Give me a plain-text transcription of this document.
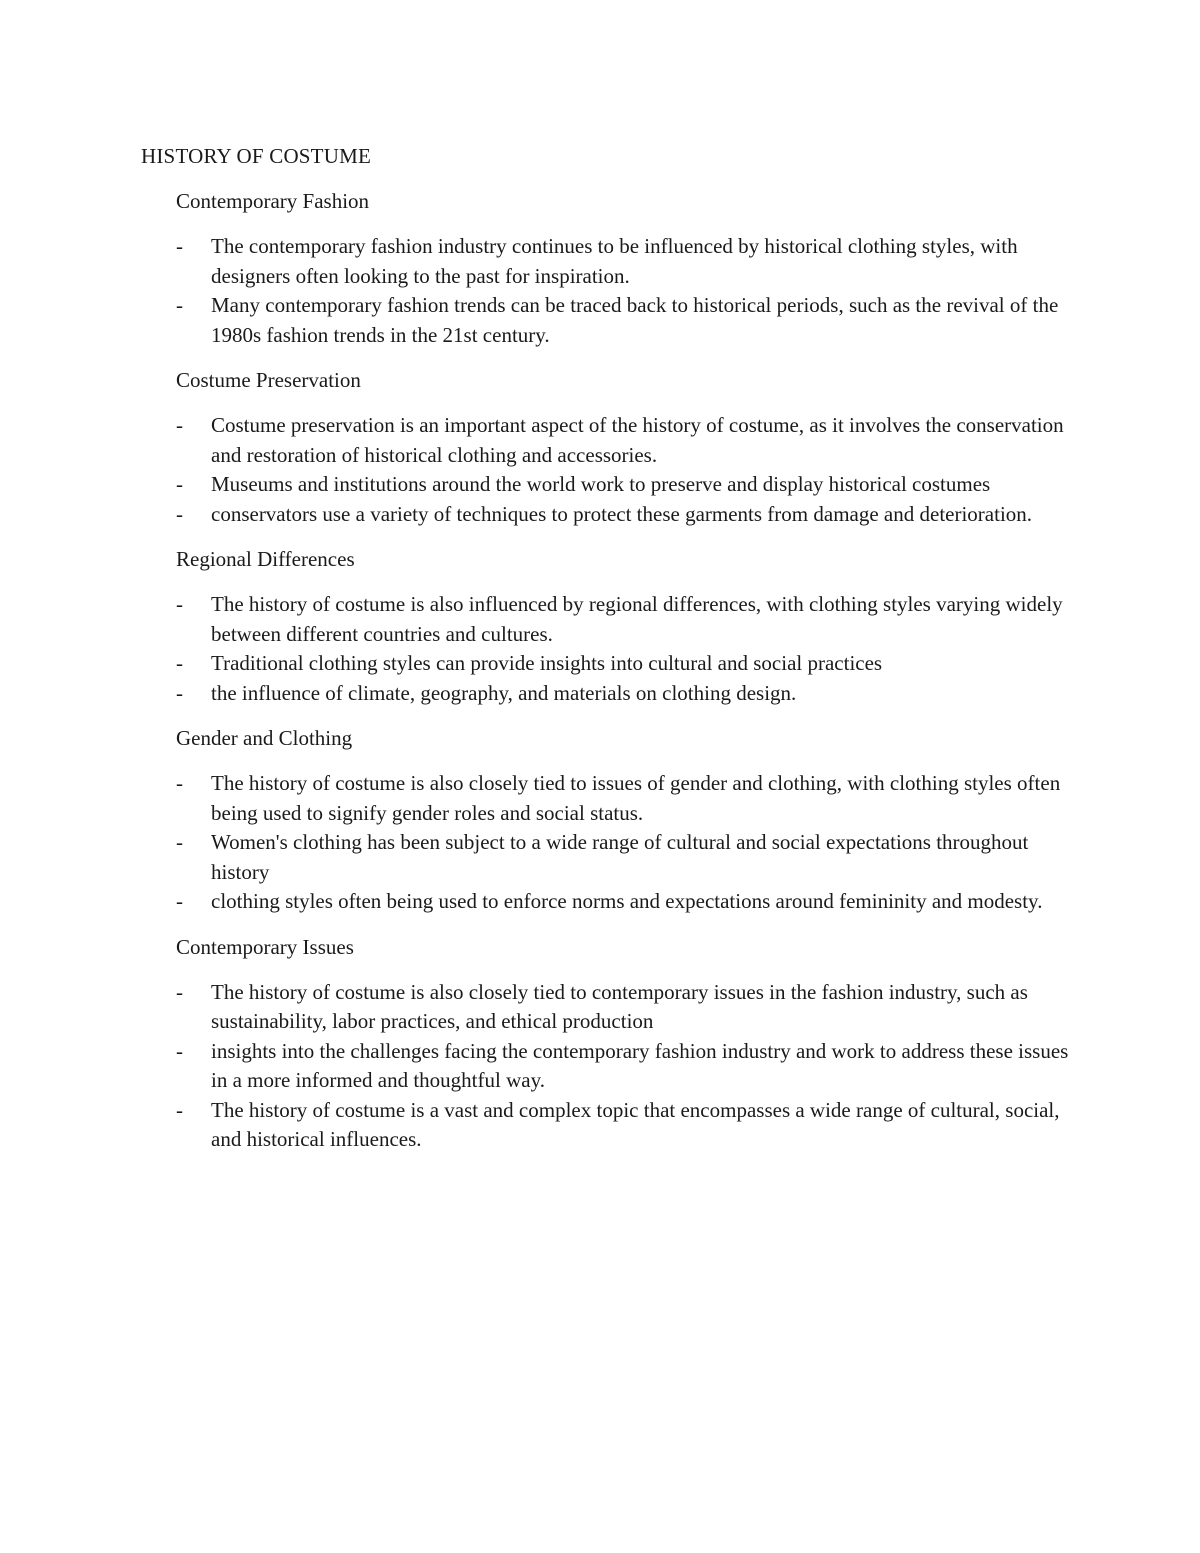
HISTORY OF COSTUME

Contemporary Fashion

-	The contemporary fashion industry continues to be influenced by historical clothing styles, with designers often looking to the past for inspiration.
-	Many contemporary fashion trends can be traced back to historical periods, such as the revival of the 1980s fashion trends in the 21st century.

Costume Preservation

-	Costume preservation is an important aspect of the history of costume, as it involves the conservation and restoration of historical clothing and accessories.
-	Museums and institutions around the world work to preserve and display historical costumes
-	conservators use a variety of techniques to protect these garments from damage and deterioration.

Regional Differences

-	The history of costume is also influenced by regional differences, with clothing styles varying widely between different countries and cultures.
-	Traditional clothing styles can provide insights into cultural and social practices
-	the influence of climate, geography, and materials on clothing design.

Gender and Clothing

-	The history of costume is also closely tied to issues of gender and clothing, with clothing styles often being used to signify gender roles and social status.
-	Women's clothing has been subject to a wide range of cultural and social expectations throughout history
-	clothing styles often being used to enforce norms and expectations around femininity and modesty.

Contemporary Issues

-	The history of costume is also closely tied to contemporary issues in the fashion industry, such as sustainability, labor practices, and ethical production
-	insights into the challenges facing the contemporary fashion industry and work to address these issues in a more informed and thoughtful way.
-	The history of costume is a vast and complex topic that encompasses a wide range of cultural, social, and historical influences.
